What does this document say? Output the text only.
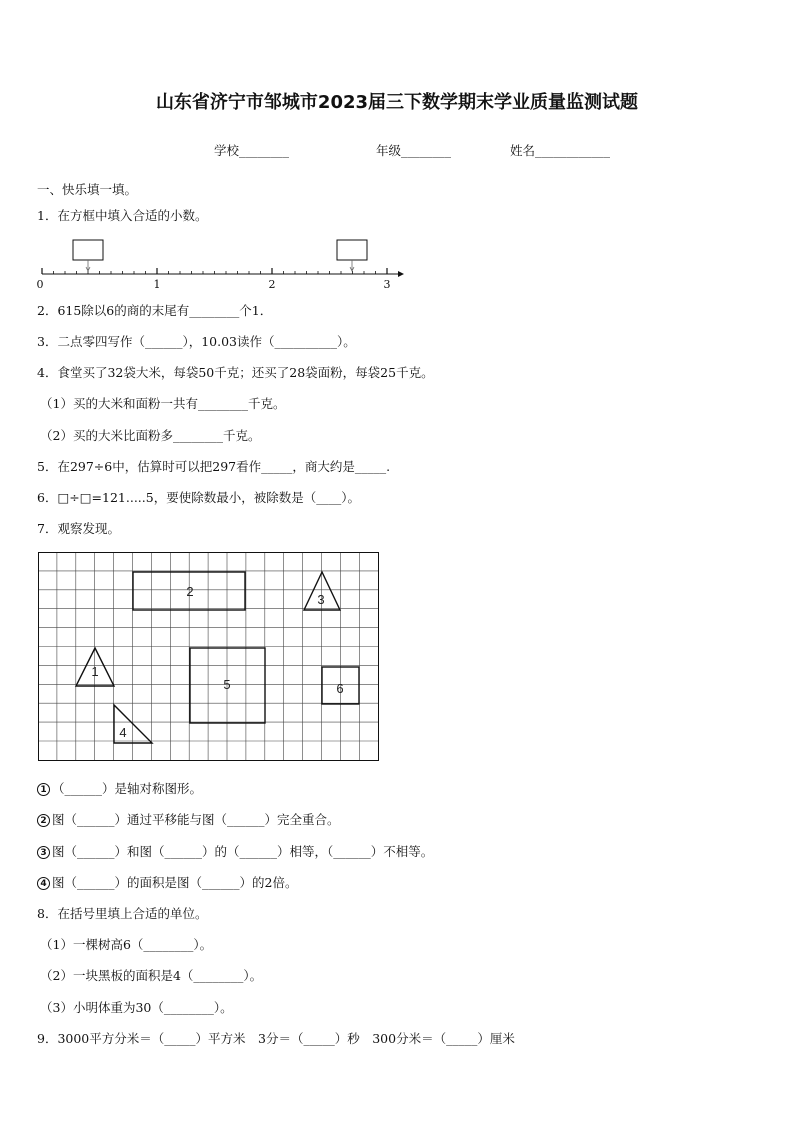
山东省济宁市邹城市2023届三下数学期末学业质量监测试题
学校________	年级________	姓名____________
一、快乐填一填。
1．在方框中填入合适的小数。
0	1	2	3
2．615除以6的商的末尾有________个1．
3．二点零四写作（______），10.03读作（__________）。
4．食堂买了32袋大米，每袋50千克；还买了28袋面粉，每袋25千克。
（1）买的大米和面粉一共有________千克。
（2）买的大米比面粉多________千克。
5．在297÷6中，估算时可以把297看作_____，商大约是_____.
6．□÷□=121.....5，要使除数最小，被除数是（____）。
7．观察发现。
2
3
1
5	6
4
1 （______）是轴对称图形。
2 图（______）通过平移能与图（______）完全重合。
3 图（______）和图（______）的（______）相等，（______）不相等。
4 图（______）的面积是图（______）的2倍。
8．在括号里填上合适的单位。
（1）一棵树高6（________）。
（2）一块黑板的面积是4（________）。
（3）小明体重为30（________）。
9．3000平方分米＝（_____）平方米　3分＝（_____）秒　300分米＝（_____）厘米
